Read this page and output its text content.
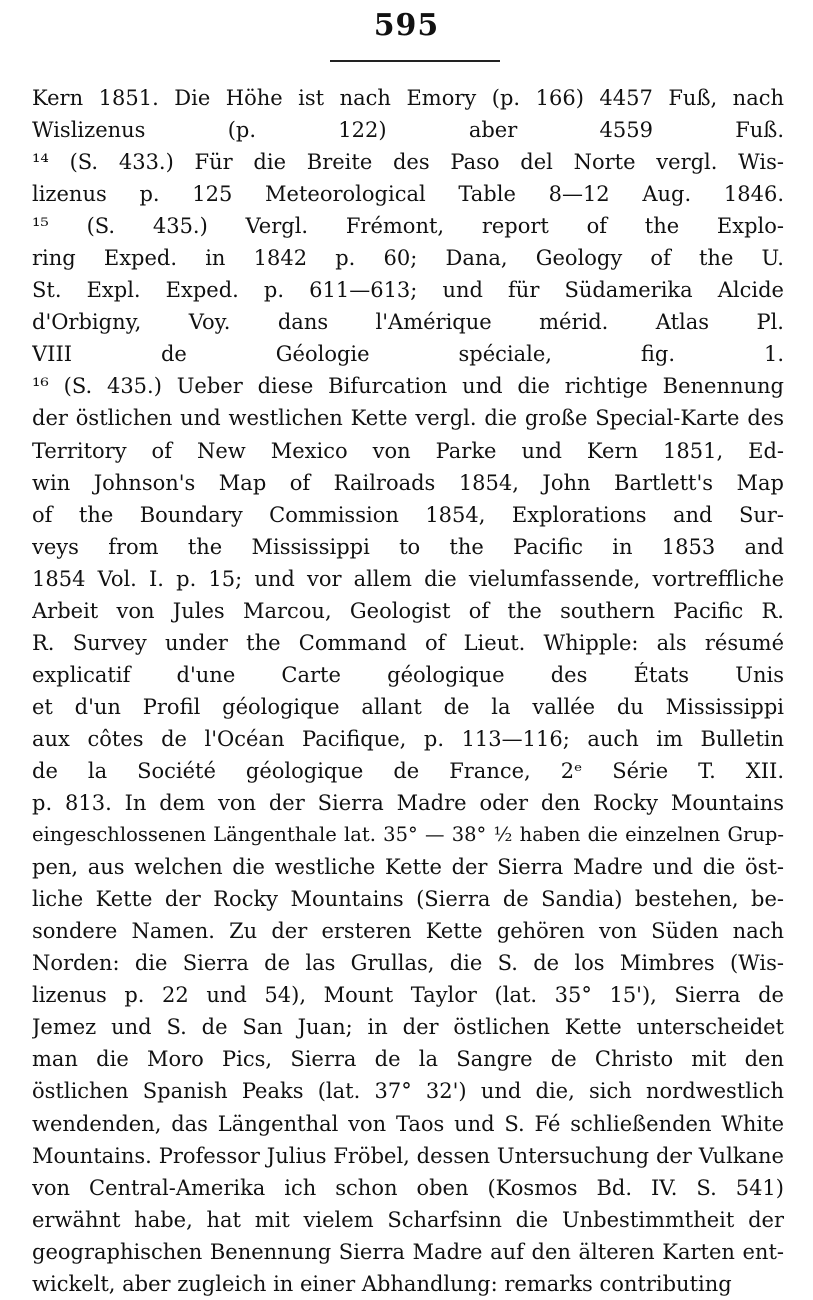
595
Kern 1851. Die Höhe ist nach Emory (p. 166) 4457 Fuß, nach
Wislizenus (p. 122) aber 4559 Fuß.
¹⁴ (S. 433.) Für die Breite des Paso del Norte vergl. Wis-
lizenus p. 125 Meteorological Table 8—12 Aug. 1846.
¹⁵ (S. 435.) Vergl. Frémont, report of the Explo-
ring Exped. in 1842 p. 60; Dana, Geology of the U.
St. Expl. Exped. p. 611—613; und für Südamerika Alcide
d'Orbigny, Voy. dans l'Amérique mérid. Atlas Pl.
VIII de Géologie spéciale, fig. 1.
¹⁶ (S. 435.) Ueber diese Bifurcation und die richtige Benennung
der östlichen und westlichen Kette vergl. die große Special-Karte des
Territory of New Mexico von Parke und Kern 1851, Ed-
win Johnson's Map of Railroads 1854, John Bartlett's Map
of the Boundary Commission 1854, Explorations and Sur-
veys from the Mississippi to the Pacific in 1853 and
1854 Vol. I. p. 15; und vor allem die vielumfassende, vortreffliche
Arbeit von Jules Marcou, Geologist of the southern Pacific R.
R. Survey under the Command of Lieut. Whipple: als résumé
explicatif d'une Carte géologique des États Unis
et d'un Profil géologique allant de la vallée du Mississippi
aux côtes de l'Océan Pacifique, p. 113—116; auch im Bulletin
de la Société géologique de France, 2ᵉ Série T. XII.
p. 813. In dem von der Sierra Madre oder den Rocky Mountains
eingeschlossenen Längenthale lat. 35° — 38° ½ haben die einzelnen Grup-
pen, aus welchen die westliche Kette der Sierra Madre und die öst-
liche Kette der Rocky Mountains (Sierra de Sandia) bestehen, be-
sondere Namen. Zu der ersteren Kette gehören von Süden nach
Norden: die Sierra de las Grullas, die S. de los Mimbres (Wis-
lizenus p. 22 und 54), Mount Taylor (lat. 35° 15'), Sierra de
Jemez und S. de San Juan; in der östlichen Kette unterscheidet
man die Moro Pics, Sierra de la Sangre de Christo mit den
östlichen Spanish Peaks (lat. 37° 32') und die, sich nordwestlich
wendenden, das Längenthal von Taos und S. Fé schließenden White
Mountains. Professor Julius Fröbel, dessen Untersuchung der Vulkane
von Central-Amerika ich schon oben (Kosmos Bd. IV. S. 541)
erwähnt habe, hat mit vielem Scharfsinn die Unbestimmtheit der
geographischen Benennung Sierra Madre auf den älteren Karten ent-
wickelt, aber zugleich in einer Abhandlung: remarks contributing
